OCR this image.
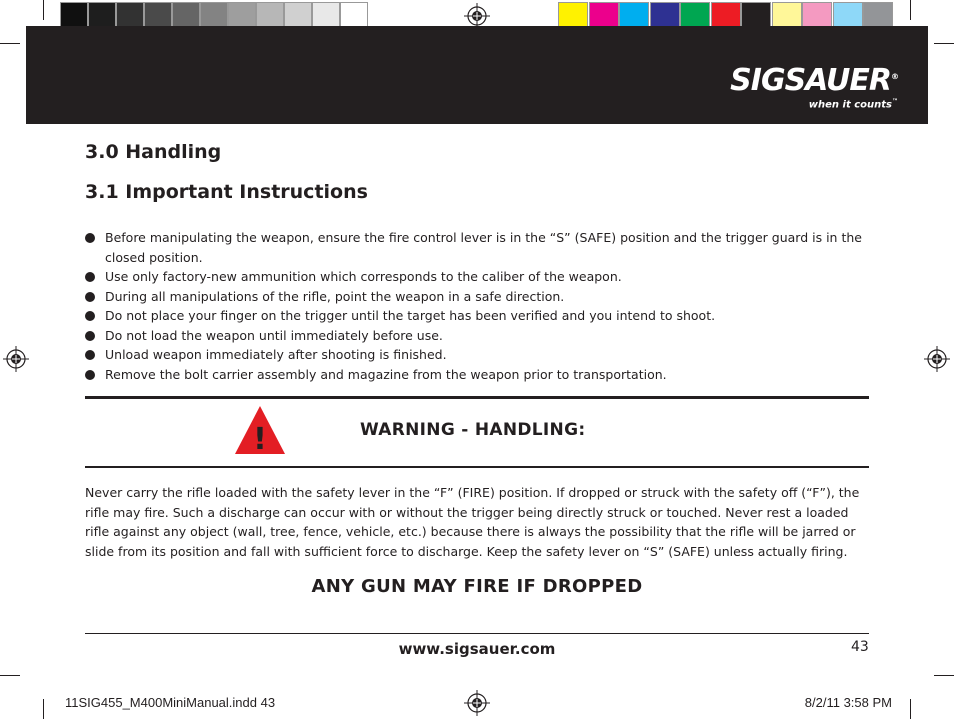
SIGSAUER®
when it counts™
3.0 Handling
3.1 Important Instructions
Before manipulating the weapon, ensure the fire control lever is in the “S” (SAFE) position and the trigger guard is in the closed position.
Use only factory-new ammunition which corresponds to the caliber of the weapon.
During all manipulations of the rifle, point the weapon in a safe direction.
Do not place your finger on the trigger until the target has been verified and you intend to shoot.
Do not load the weapon until immediately before use.
Unload weapon immediately after shooting is finished.
Remove the bolt carrier assembly and magazine from the weapon prior to transportation.
!	WARNING - HANDLING:

Never carry the rifle loaded with the safety lever in the “F” (FIRE) position. If dropped or struck with the safety off (“F”), the rifle may fire. Such a discharge can occur with or without the trigger being directly struck or touched. Never rest a loaded rifle against any object (wall, tree, fence, vehicle, etc.) because there is always the possibility that the rifle will be jarred or slide from its position and fall with sufficient force to discharge. Keep the safety lever on “S” (SAFE) unless actually firing.

ANY GUN MAY FIRE IF DROPPED
www.sigsauer.com	43
11SIG455_M400MiniManual.indd 43	8/2/11 3:58 PM
